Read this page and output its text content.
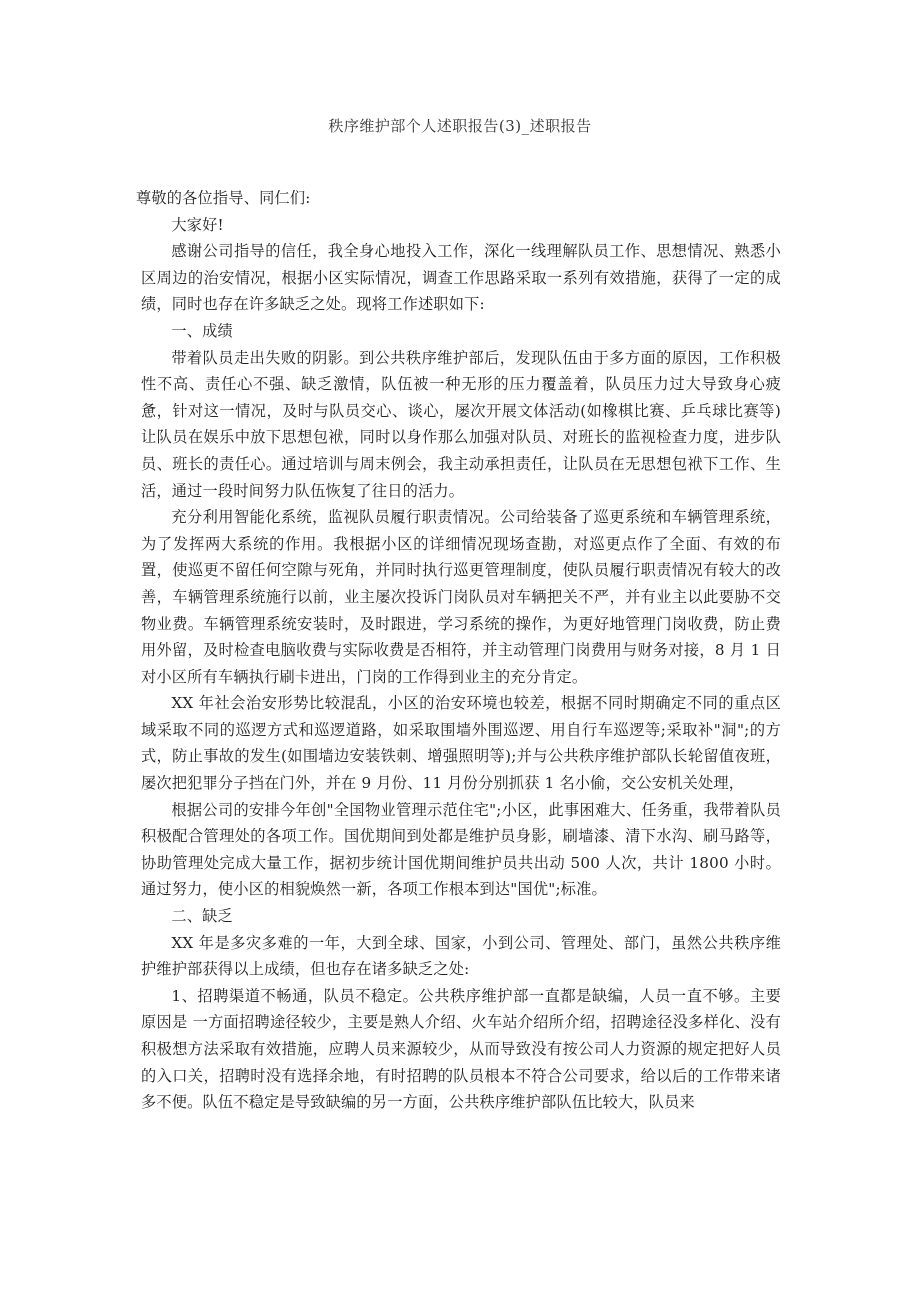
秩序维护部个人述职报告(3)_述职报告

尊敬的各位指导、同仁们:

大家好!

感谢公司指导的信任，我全身心地投入工作，深化一线理解队员工作、思想情况、熟悉小区周边的治安情况，根据小区实际情况，调查工作思路采取一系列有效措施，获得了一定的成绩，同时也存在许多缺乏之处。现将工作述职如下:

一、成绩

带着队员走出失败的阴影。到公共秩序维护部后，发现队伍由于多方面的原因，工作积极性不高、责任心不强、缺乏激情，队伍被一种无形的压力覆盖着，队员压力过大导致身心疲惫，针对这一情况，及时与队员交心、谈心，屡次开展文体活动(如橡棋比赛、乒乓球比赛等)让队员在娱乐中放下思想包袱，同时以身作那么加强对队员、对班长的监视检查力度，进步队员、班长的责任心。通过培训与周末例会，我主动承担责任，让队员在无思想包袱下工作、生活，通过一段时间努力队伍恢复了往日的活力。

充分利用智能化系统，监视队员履行职责情况。公司给装备了巡更系统和车辆管理系统，为了发挥两大系统的作用。我根据小区的详细情况现场查勘，对巡更点作了全面、有效的布置，使巡更不留任何空隙与死角，并同时执行巡更管理制度，使队员履行职责情况有较大的改善，车辆管理系统施行以前，业主屡次投诉门岗队员对车辆把关不严，并有业主以此要胁不交物业费。车辆管理系统安装时，及时跟进，学习系统的操作，为更好地管理门岗收费，防止费用外留，及时检查电脑收费与实际收费是否相符，并主动管理门岗费用与财务对接，8 月 1 日对小区所有车辆执行刷卡进出，门岗的工作得到业主的充分肯定。

XX 年社会治安形势比较混乱，小区的治安环境也较差，根据不同时期确定不同的重点区域采取不同的巡逻方式和巡逻道路，如采取围墙外围巡逻、用自行车巡逻等;采取补"洞";的方式，防止事故的发生(如围墙边安装铁刺、增强照明等);并与公共秩序维护部队长轮留值夜班，屡次把犯罪分子挡在门外，并在 9 月份、11 月份分别抓获 1 名小偷，交公安机关处理，

根据公司的安排今年创"全国物业管理示范住宅";小区，此事困难大、任务重，我带着队员积极配合管理处的各项工作。国优期间到处都是维护员身影，刷墙漆、清下水沟、刷马路等，协助管理处完成大量工作，据初步统计国优期间维护员共出动 500 人次，共计 1800 小时。通过努力，使小区的相貌焕然一新，各项工作根本到达"国优";标准。

二、缺乏

XX 年是多灾多难的一年，大到全球、国家，小到公司、管理处、部门，虽然公共秩序维护维护部获得以上成绩，但也存在诸多缺乏之处:

1、招聘渠道不畅通，队员不稳定。公共秩序维护部一直都是缺编，人员一直不够。主要原因是 一方面招聘途径较少，主要是熟人介绍、火车站介绍所介绍，招聘途径没多样化、没有积极想方法采取有效措施，应聘人员来源较少，从而导致没有按公司人力资源的规定把好人员的入口关，招聘时没有选择余地，有时招聘的队员根本不符合公司要求，给以后的工作带来诸多不便。队伍不稳定是导致缺编的另一方面，公共秩序维护部队伍比较大，队员来
